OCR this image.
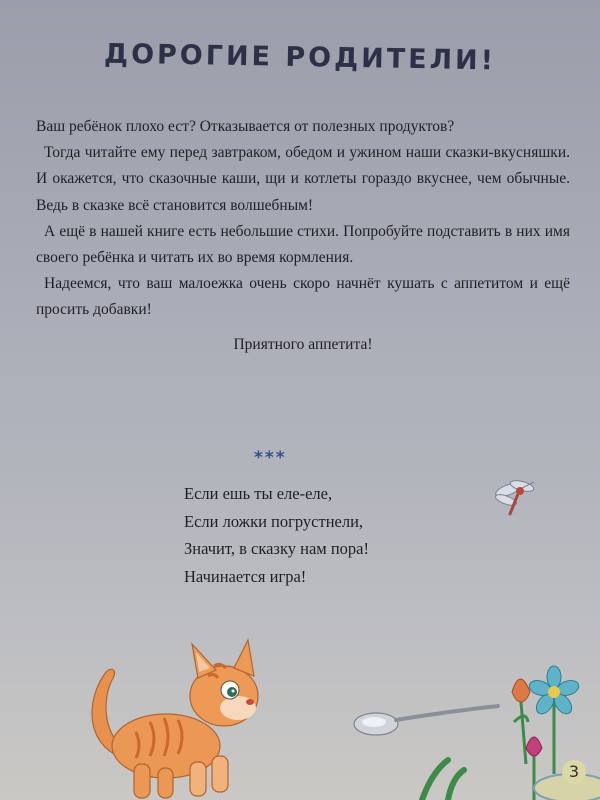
ДОРОГИЕ РОДИТЕЛИ!

Ваш ребёнок плохо ест? Отказывается от полезных продуктов?

Тогда читайте ему перед завтраком, обедом и ужином наши сказки-вкусняшки. И окажется, что сказочные каши, щи и котлеты гораздо вкуснее, чем обычные. Ведь в сказке всё становится волшебным!

А ещё в нашей книге есть небольшие стихи. Попробуйте подставить в них имя своего ребёнка и читать их во время кормления.

Надеемся, что ваш малоежка очень скоро начнёт кушать с аппетитом и ещё просить добавки!

Приятного аппетита!

***
Если ешь ты еле-еле,
Если ложки погрустнели,
Значит, в сказку нам пора!
Начинается игра!
3
